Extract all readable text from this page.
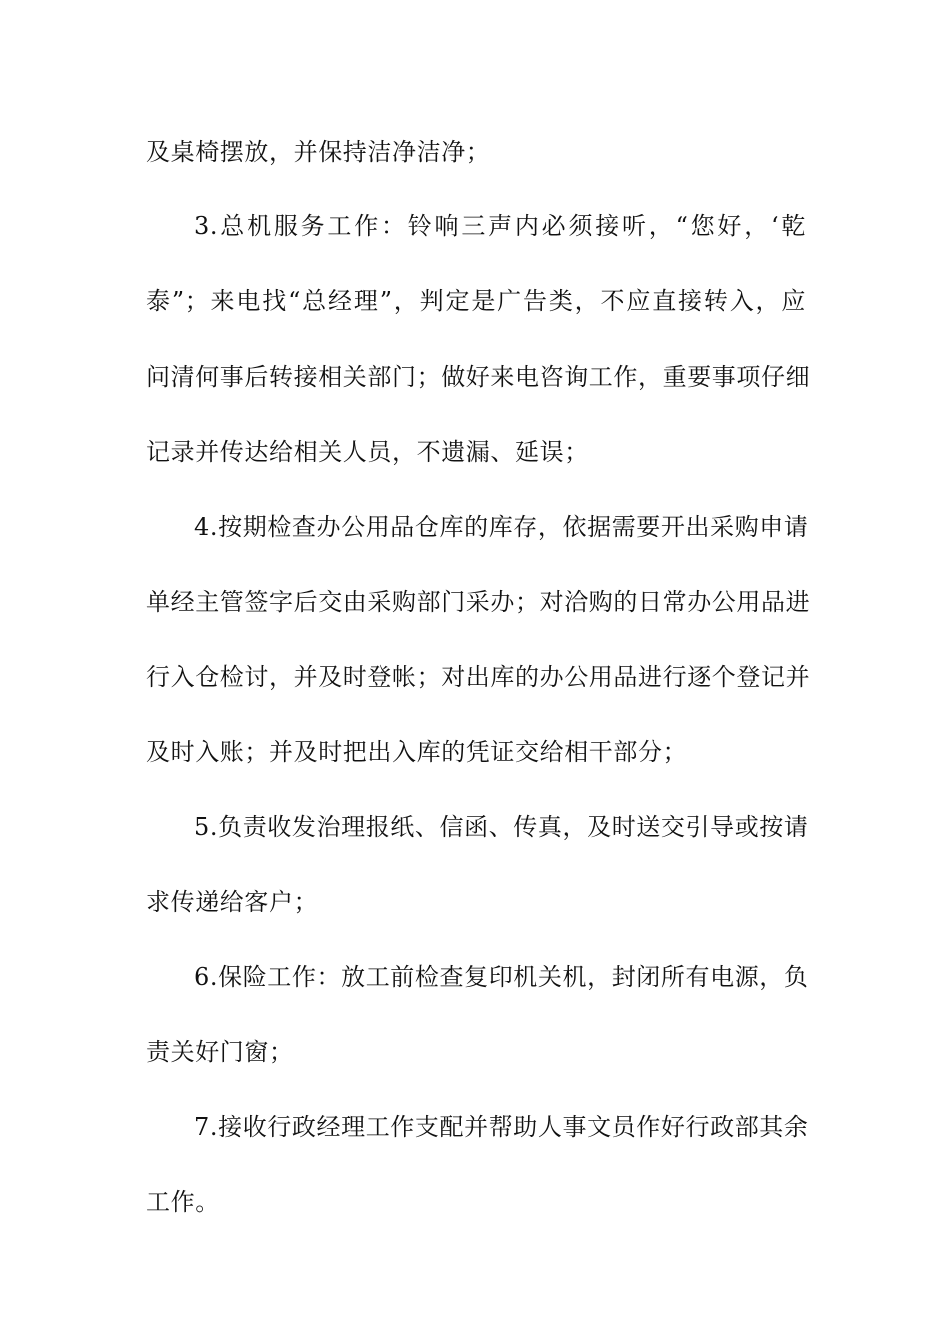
及桌椅摆放，并保持洁净洁净；
3.总机服务工作：铃响三声内必须接听，“您好，‘乾
泰”；来电找“总经理”，判定是广告类，不应直接转入，应
问清何事后转接相关部门；做好来电咨询工作，重要事项仔细
记录并传达给相关人员，不遗漏、延误；
4.按期检查办公用品仓库的库存，依据需要开出采购申请
单经主管签字后交由采购部门采办；对洽购的日常办公用品进
行入仓检讨，并及时登帐；对出库的办公用品进行逐个登记并
及时入账；并及时把出入库的凭证交给相干部分；
5.负责收发治理报纸、信函、传真，及时送交引导或按请
求传递给客户；
6.保险工作：放工前检查复印机关机，封闭所有电源，负
责关好门窗；
7.接收行政经理工作支配并帮助人事文员作好行政部其余
工作。
